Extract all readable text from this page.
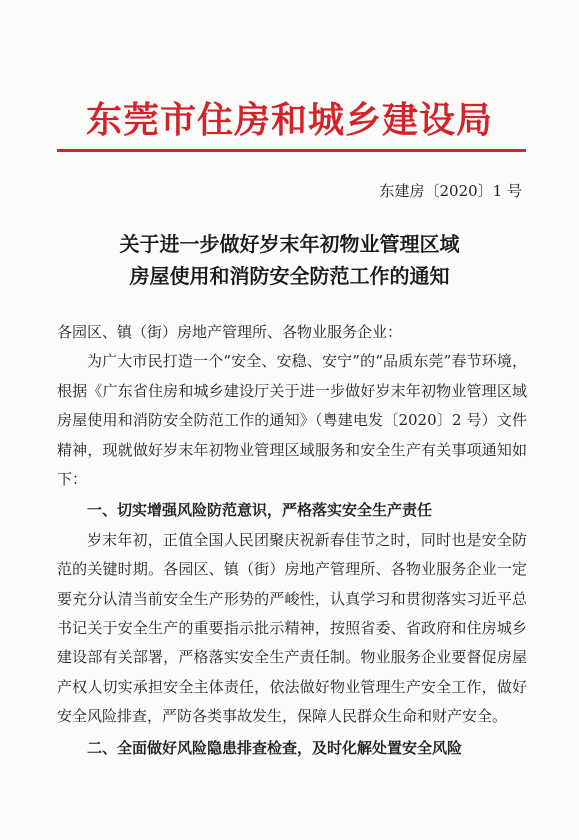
东莞市住房和城乡建设局
东建房〔2020〕1 号
关于进一步做好岁末年初物业管理区域
房屋使用和消防安全防范工作的通知

各园区、镇（街）房地产管理所、各物业服务企业：

为广大市民打造一个“安全、安稳、安宁”的“品质东莞”春节环境，根据《广东省住房和城乡建设厅关于进一步做好岁末年初物业管理区域房屋使用和消防安全防范工作的通知》（粤建电发〔2020〕2 号）文件精神，现就做好岁末年初物业管理区域服务和安全生产有关事项通知如下：

一、切实增强风险防范意识，严格落实安全生产责任

岁末年初，正值全国人民团聚庆祝新春佳节之时，同时也是安全防范的关键时期。各园区、镇（街）房地产管理所、各物业服务企业一定要充分认清当前安全生产形势的严峻性，认真学习和贯彻落实习近平总书记关于安全生产的重要指示批示精神，按照省委、省政府和住房城乡建设部有关部署，严格落实安全生产责任制。物业服务企业要督促房屋产权人切实承担安全主体责任，依法做好物业管理生产安全工作，做好安全风险排查，严防各类事故发生，保障人民群众生命和财产安全。

二、全面做好风险隐患排查检查，及时化解处置安全风险
